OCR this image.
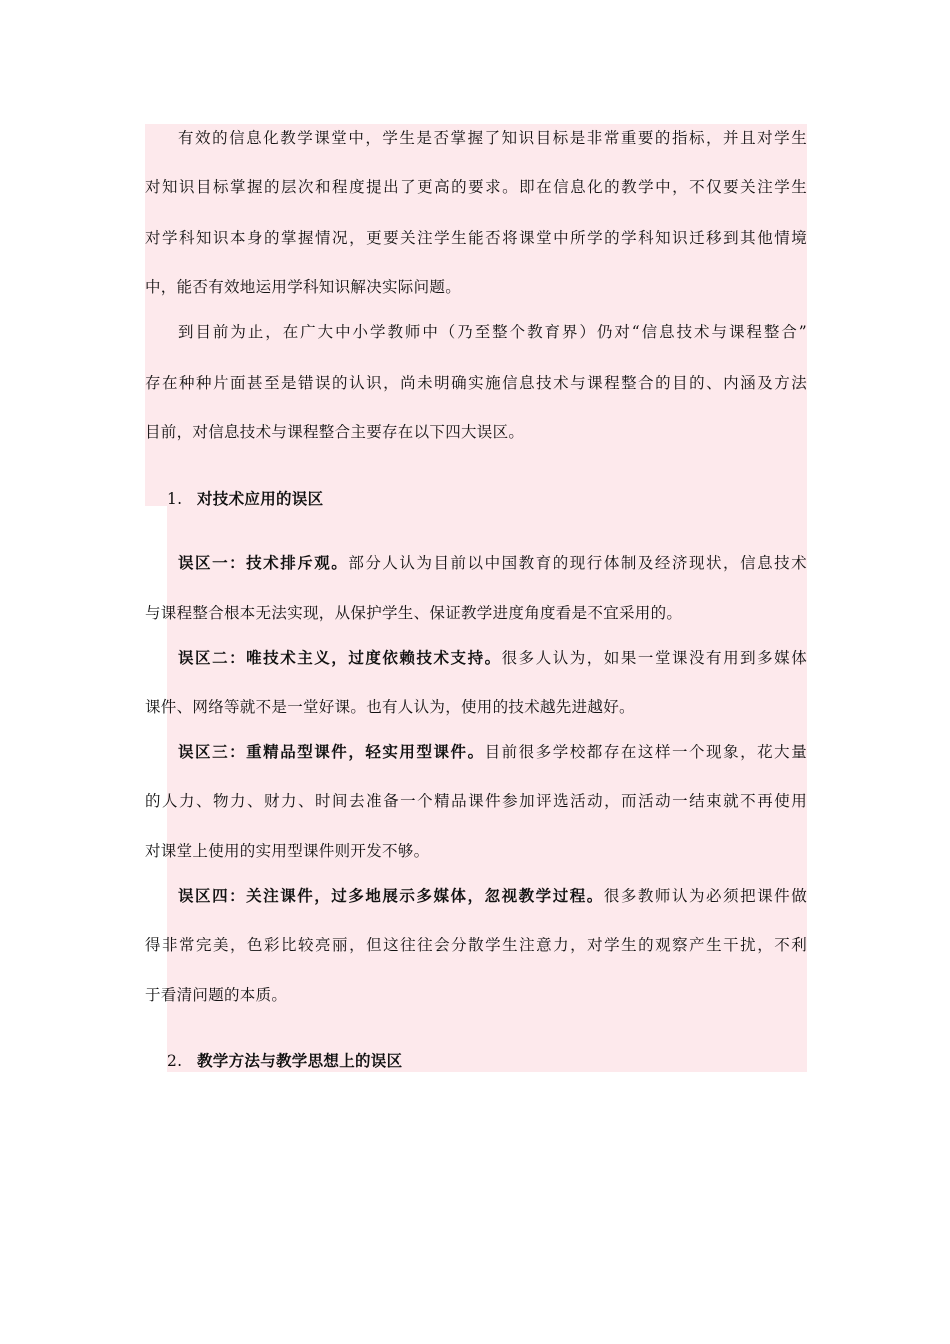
有效的信息化教学课堂中，学生是否掌握了知识目标是非常重要的指标，并且对学生
对知识目标掌握的层次和程度提出了更高的要求。即在信息化的教学中，不仅要关注学生
对学科知识本身的掌握情况，更要关注学生能否将课堂中所学的学科知识迁移到其他情境
中，能否有效地运用学科知识解决实际问题。
到目前为止，在广大中小学教师中（乃至整个教育界）仍对“信息技术与课程整合”
存在种种片面甚至是错误的认识，尚未明确实施信息技术与课程整合的目的、内涵及方法
目前，对信息技术与课程整合主要存在以下四大误区。
1. 对技术应用的误区
误区一：技术排斥观。部分人认为目前以中国教育的现行体制及经济现状，信息技术
与课程整合根本无法实现，从保护学生、保证教学进度角度看是不宜采用的。
误区二：唯技术主义，过度依赖技术支持。很多人认为，如果一堂课没有用到多媒体
课件、网络等就不是一堂好课。也有人认为，使用的技术越先进越好。
误区三：重精品型课件，轻实用型课件。目前很多学校都存在这样一个现象，花大量
的人力、物力、财力、时间去准备一个精品课件参加评选活动，而活动一结束就不再使用
对课堂上使用的实用型课件则开发不够。
误区四：关注课件，过多地展示多媒体，忽视教学过程。很多教师认为必须把课件做
得非常完美，色彩比较亮丽，但这往往会分散学生注意力，对学生的观察产生干扰，不利
于看清问题的本质。
2. 教学方法与教学思想上的误区
